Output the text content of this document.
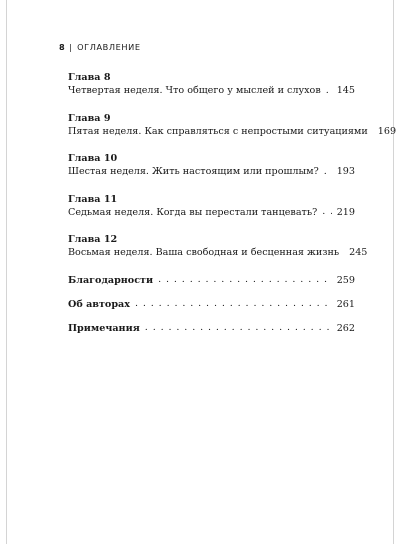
8 | ОГЛАВЛЕНИЕ
Глава 8
Четвертая неделя. Что общего у мыслей и слухов . . . 145
Глава 9
Пятая неделя. Как справляться с непростыми ситуациями 169
Глава 10
Шестая неделя. Жить настоящим или прошлым? . . . 193
Глава 11
Седьмая неделя. Когда вы перестали танцевать? . . . 219
Глава 12
Восьмая неделя. Ваша свободная и бесценная жизнь 245
Благодарности . . .	259
Об авторах . . .	261
Примечания . . .	262
